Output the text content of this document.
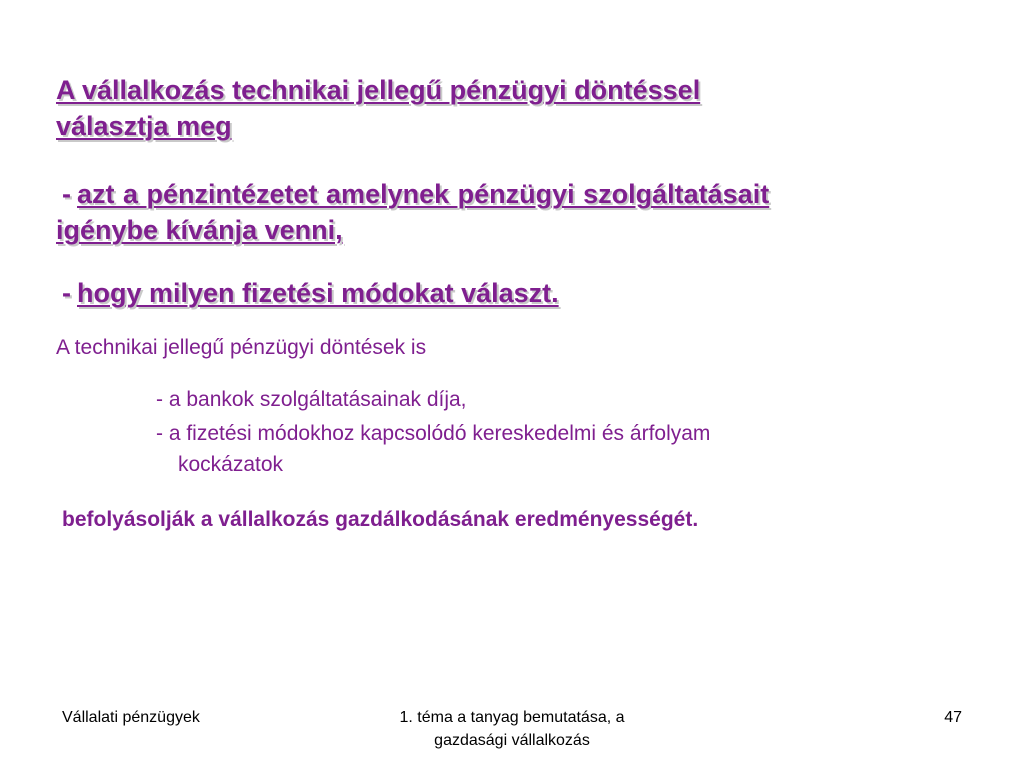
A vállalkozás technikai jellegű pénzügyi döntéssel
választja meg
- azt a pénzintézetet amelynek pénzügyi szolgáltatásait
igénybe kívánja venni,
- hogy milyen fizetési módokat választ.

A technikai jellegű pénzügyi döntések is

- a bankok szolgáltatásainak díja,

- a fizetési módokhoz kapcsolódó kereskedelmi és árfolyam

kockázatok

befolyásolják a vállalkozás gazdálkodásának eredményességét.

Vállalati pénzügyek	1. téma a tanyag bemutatása, a
gazdasági vállalkozás
47
